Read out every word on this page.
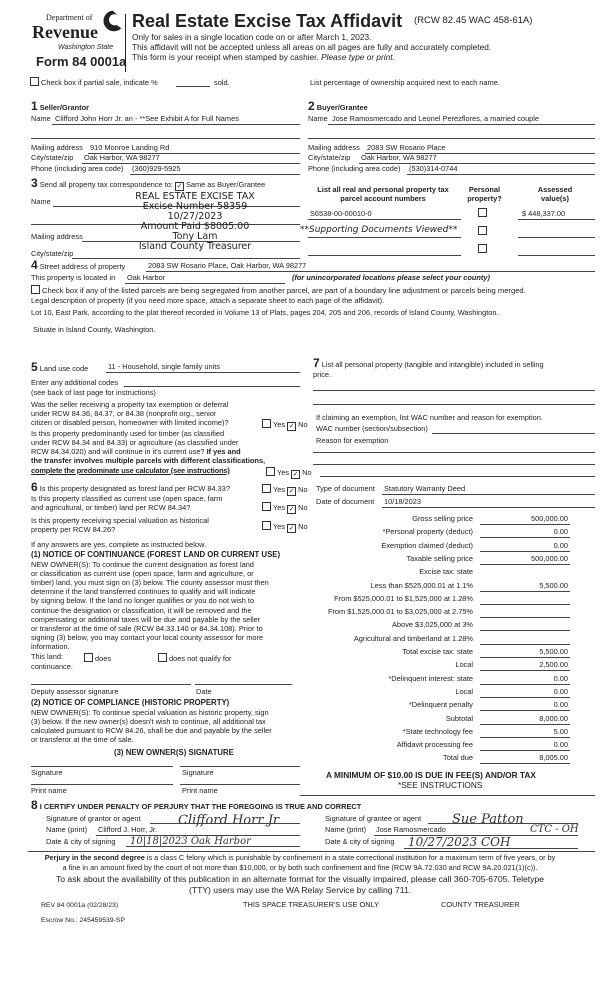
Department of
Revenue
Washington State
Form 84 0001a
Real Estate Excise Tax Affidavit (RCW 82.45 WAC 458-61A)
Only for sales in a single location code on or after March 1, 2023.
This affidavit will not be accepted unless all areas on all pages are fully and accurately completed.
This form is your receipt when stamped by cashier. Please type or print.
Check box if partial sale, indicate %	sold.	List percentage of ownership acquired next to each name.
1 Seller/Grantor
Name Clifford John Horr Jr. an - **See Exhibit A for Full Names
Mailing address 910 Monroe Landing Rd
City/state/zip Oak Harbor, WA 98277
Phone (including area code) (360)929-5925
2 Buyer/Grantee
Name Jose Ramosmercado and Leonel Perezflores, a married couple
Mailing address 2083 SW Rosario Place
City/state/zip Oak Harbor, WA 98277
Phone (including area code) (530)314-0744
3 Send all property tax correspondence to: ✓ Same as Buyer/Grantee
Name
Mailing address
City/state/zip
REAL ESTATE EXCISE TAX
Excise Number 58359
10/27/2023
Amount Paid $8005.00
Tony Lam
Island County Treasurer
List all real and personal property tax
parcel account numbers
Personal
property?
Assessed
value(s)
S6538-00-00010-0	$ 448,337.00
**Supporting Documents Viewed**
4 Street address of property	2083 SW Rosario Place, Oak Harbor, WA 98277
This property is located in Oak Harbor	(for unincorporated locations please select your county)
Check box if any of the listed parcels are being segregated from another parcel, are part of a boundary line adjustment or parcels being merged.
Legal description of property (if you need more space, attach a separate sheet to each page of the affidavit).
Lot 10, East Park, according to the plat thereof recorded in Volume 13 of Plats, pages 204, 205 and 206, records of Island County, Washington.
Situate in Island County, Washington.
5 Land use code	11 - Household, single family units
Enter any additional codes
(see back of last page for instructions)
Was the seller receiving a property tax exemption or deferral
under RCW 84.36, 84.37, or 84.38 (nonprofit org., senior
citizen or disabled person, homeowner with limited income)?	Yes ✓ No
Is this property predominantly used for timber (as classified
under RCW 84.34 and 84.33) or agriculture (as classified under
RCW 84.34.020) and will continue in it's current use? If yes and
the transfer involves multiple parcels with different classifications,
complete the predominate use calculator (see instructions)	Yes ✓ No
6 Is this property designated as forest land per RCW 84.33?	Yes ✓ No
Is this property classified as current use (open space, farm
and agricultural, or timber) land per RCW 84.34?	Yes ✓ No
Is this property receiving special valuation as historical
property per RCW 84.26?	Yes ✓ No
If any answers are yes, complete as instructed below.
(1) NOTICE OF CONTINUANCE (FOREST LAND OR CURRENT USE)
NEW OWNER(S): To continue the current designation as forest land
or classification as current use (open space, farm and agriculture, or
timber) land, you must sign on (3) below. The county assessor must then
determine if the land transferred continues to qualify and will indicate
by signing below. If the land no longer qualifies or you do not wish to
continue the designation or classification, it will be removed and the
compensating or additional taxes will be due and payable by the seller
or transferor at the time of sale (RCW 84.33.140 or 84.34.108). Prior to
signing (3) below, you may contact your local county assessor for more
information.
This land:	does	does not qualify for
continuance.
Deputy assessor signature	Date
(2) NOTICE OF COMPLIANCE (HISTORIC PROPERTY)
NEW OWNER(S): To continue special valuation as historic property, sign
(3) below. If the new owner(s) doesn't wish to continue, all additional tax
calculated pursuant to RCW 84.26, shall be due and payable by the seller
or transferor at the time of sale.
(3) NEW OWNER(S) SIGNATURE
Signature	Signature
Print name	Print name
7 List all personal property (tangible and intangible) included in selling
price.
If claiming an exemption, list WAC number and reason for exemption.
WAC number (section/subsection)
Reason for exemption
Type of document Statutory Warranty Deed
Date of document 10/18/2023
Gross selling price	500,000.00
*Personal property (deduct)	0.00
Exemption claimed (deduct)	0.00
Taxable selling price	500,000.00
Excise tax: state
Less than $525,000.01 at 1.1%	5,500.00
From $525,000.01 to $1,525,000 at 1.28%
From $1,525,000.01 to $3,025,000 at 2.75%
Above $3,025,000 at 3%
Agricultural and timberland at 1.28%
Total excise tax: state	5,500.00
Local	2,500.00
*Delinquent interest: state	0.00
Local	0.00
*Delinquent penalty	0.00
Subtotal	8,000.00
*State technology fee	5.00
Affidavit processing fee	0.00
Total due	8,005.00
A MINIMUM OF $10.00 IS DUE IN FEE(S) AND/OR TAX
*SEE INSTRUCTIONS
8 I CERTIFY UNDER PENALTY OF PERJURY THAT THE FOREGOING IS TRUE AND CORRECT
Signature of grantor or agent
Name (print) Clifford J. Horr, Jr.
Date & city of signing
Clifford Horr Jr
10|18|2023 Oak Harbor
Signature of grantee or agent
Name (print) Jose Ramosmercado
Date & city of signing
Sue Patton
CTC - OH
10/27/2023 COH
Perjury in the second degree is a class C felony which is punishable by confinement in a state correctional institution for a maximum term of five years, or by
a fine in an amount fixed by the court of not more than $10,000, or by both such confinement and fine (RCW 9A.72.030 and RCW 9A.20.021(1)(c)).
To ask about the availability of this publication in an alternate format for the visually impaired, please call 360-705-6705. Teletype
(TTY) users may use the WA Relay Service by calling 711.
REV 84 0001a (02/28/23)	THIS SPACE TREASURER'S USE ONLY	COUNTY TREASURER
Escrow No.: 245459539-SP
